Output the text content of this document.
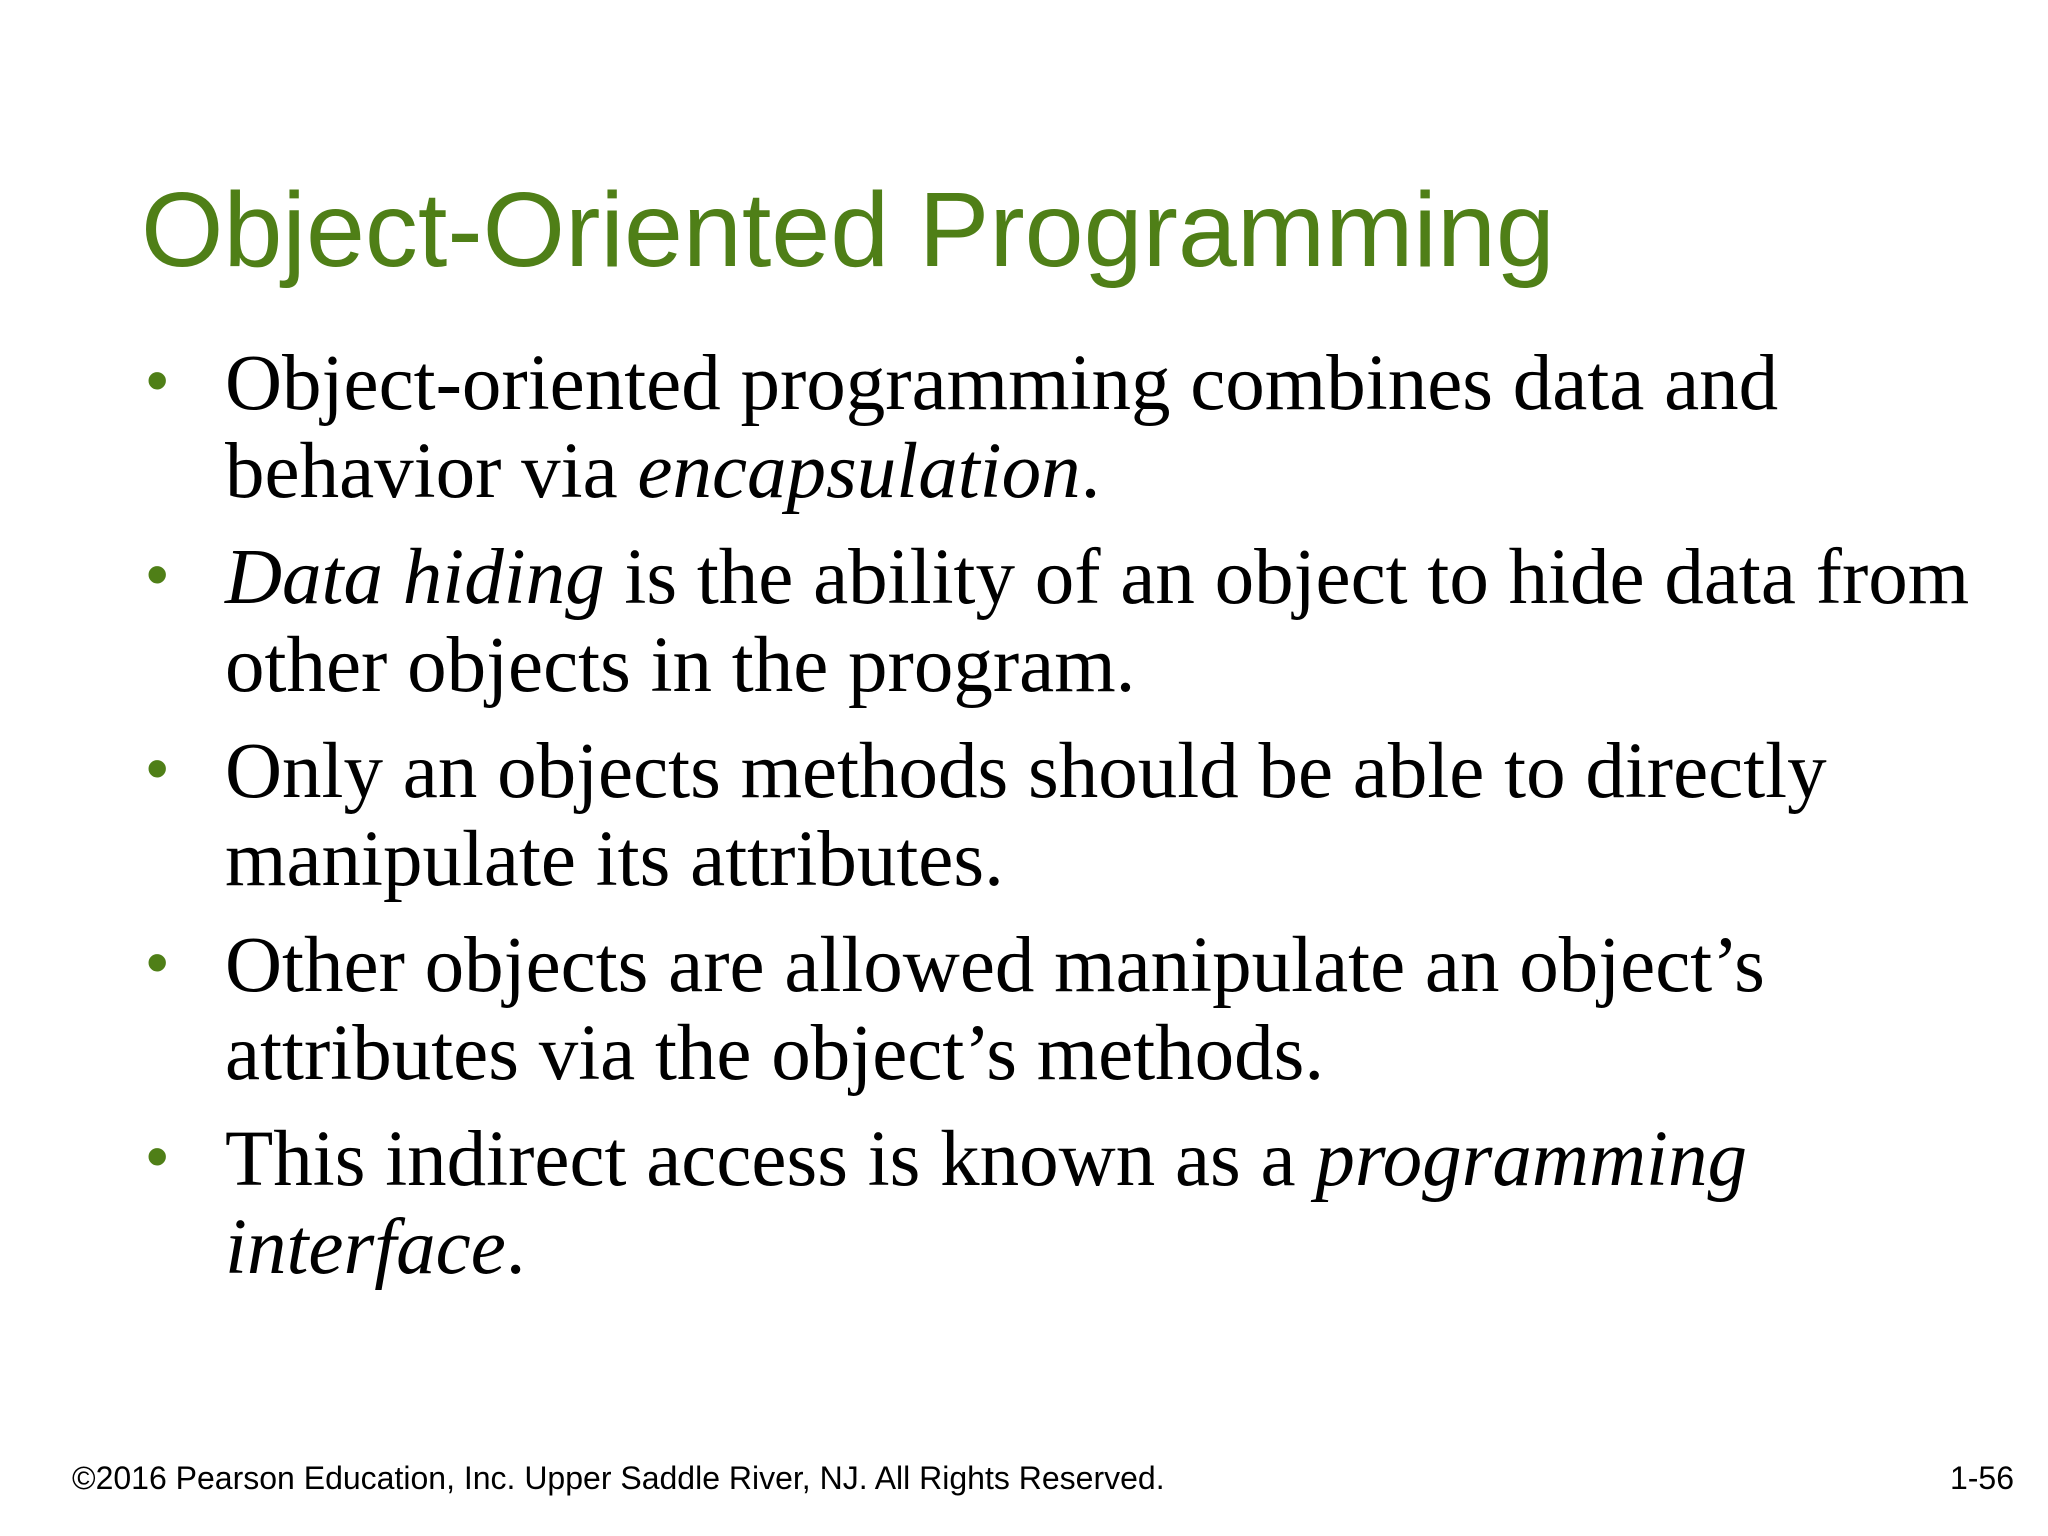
Object-Oriented Programming
• Object-oriented programming combines data and behavior via encapsulation.
• Data hiding is the ability of an object to hide data from other objects in the program.
• Only an objects methods should be able to directly manipulate its attributes.
• Other objects are allowed manipulate an object’s attributes via the object’s methods.
• This indirect access is known as a programming interface.
©2016 Pearson Education, Inc. Upper Saddle River, NJ. All Rights Reserved.	1-56
